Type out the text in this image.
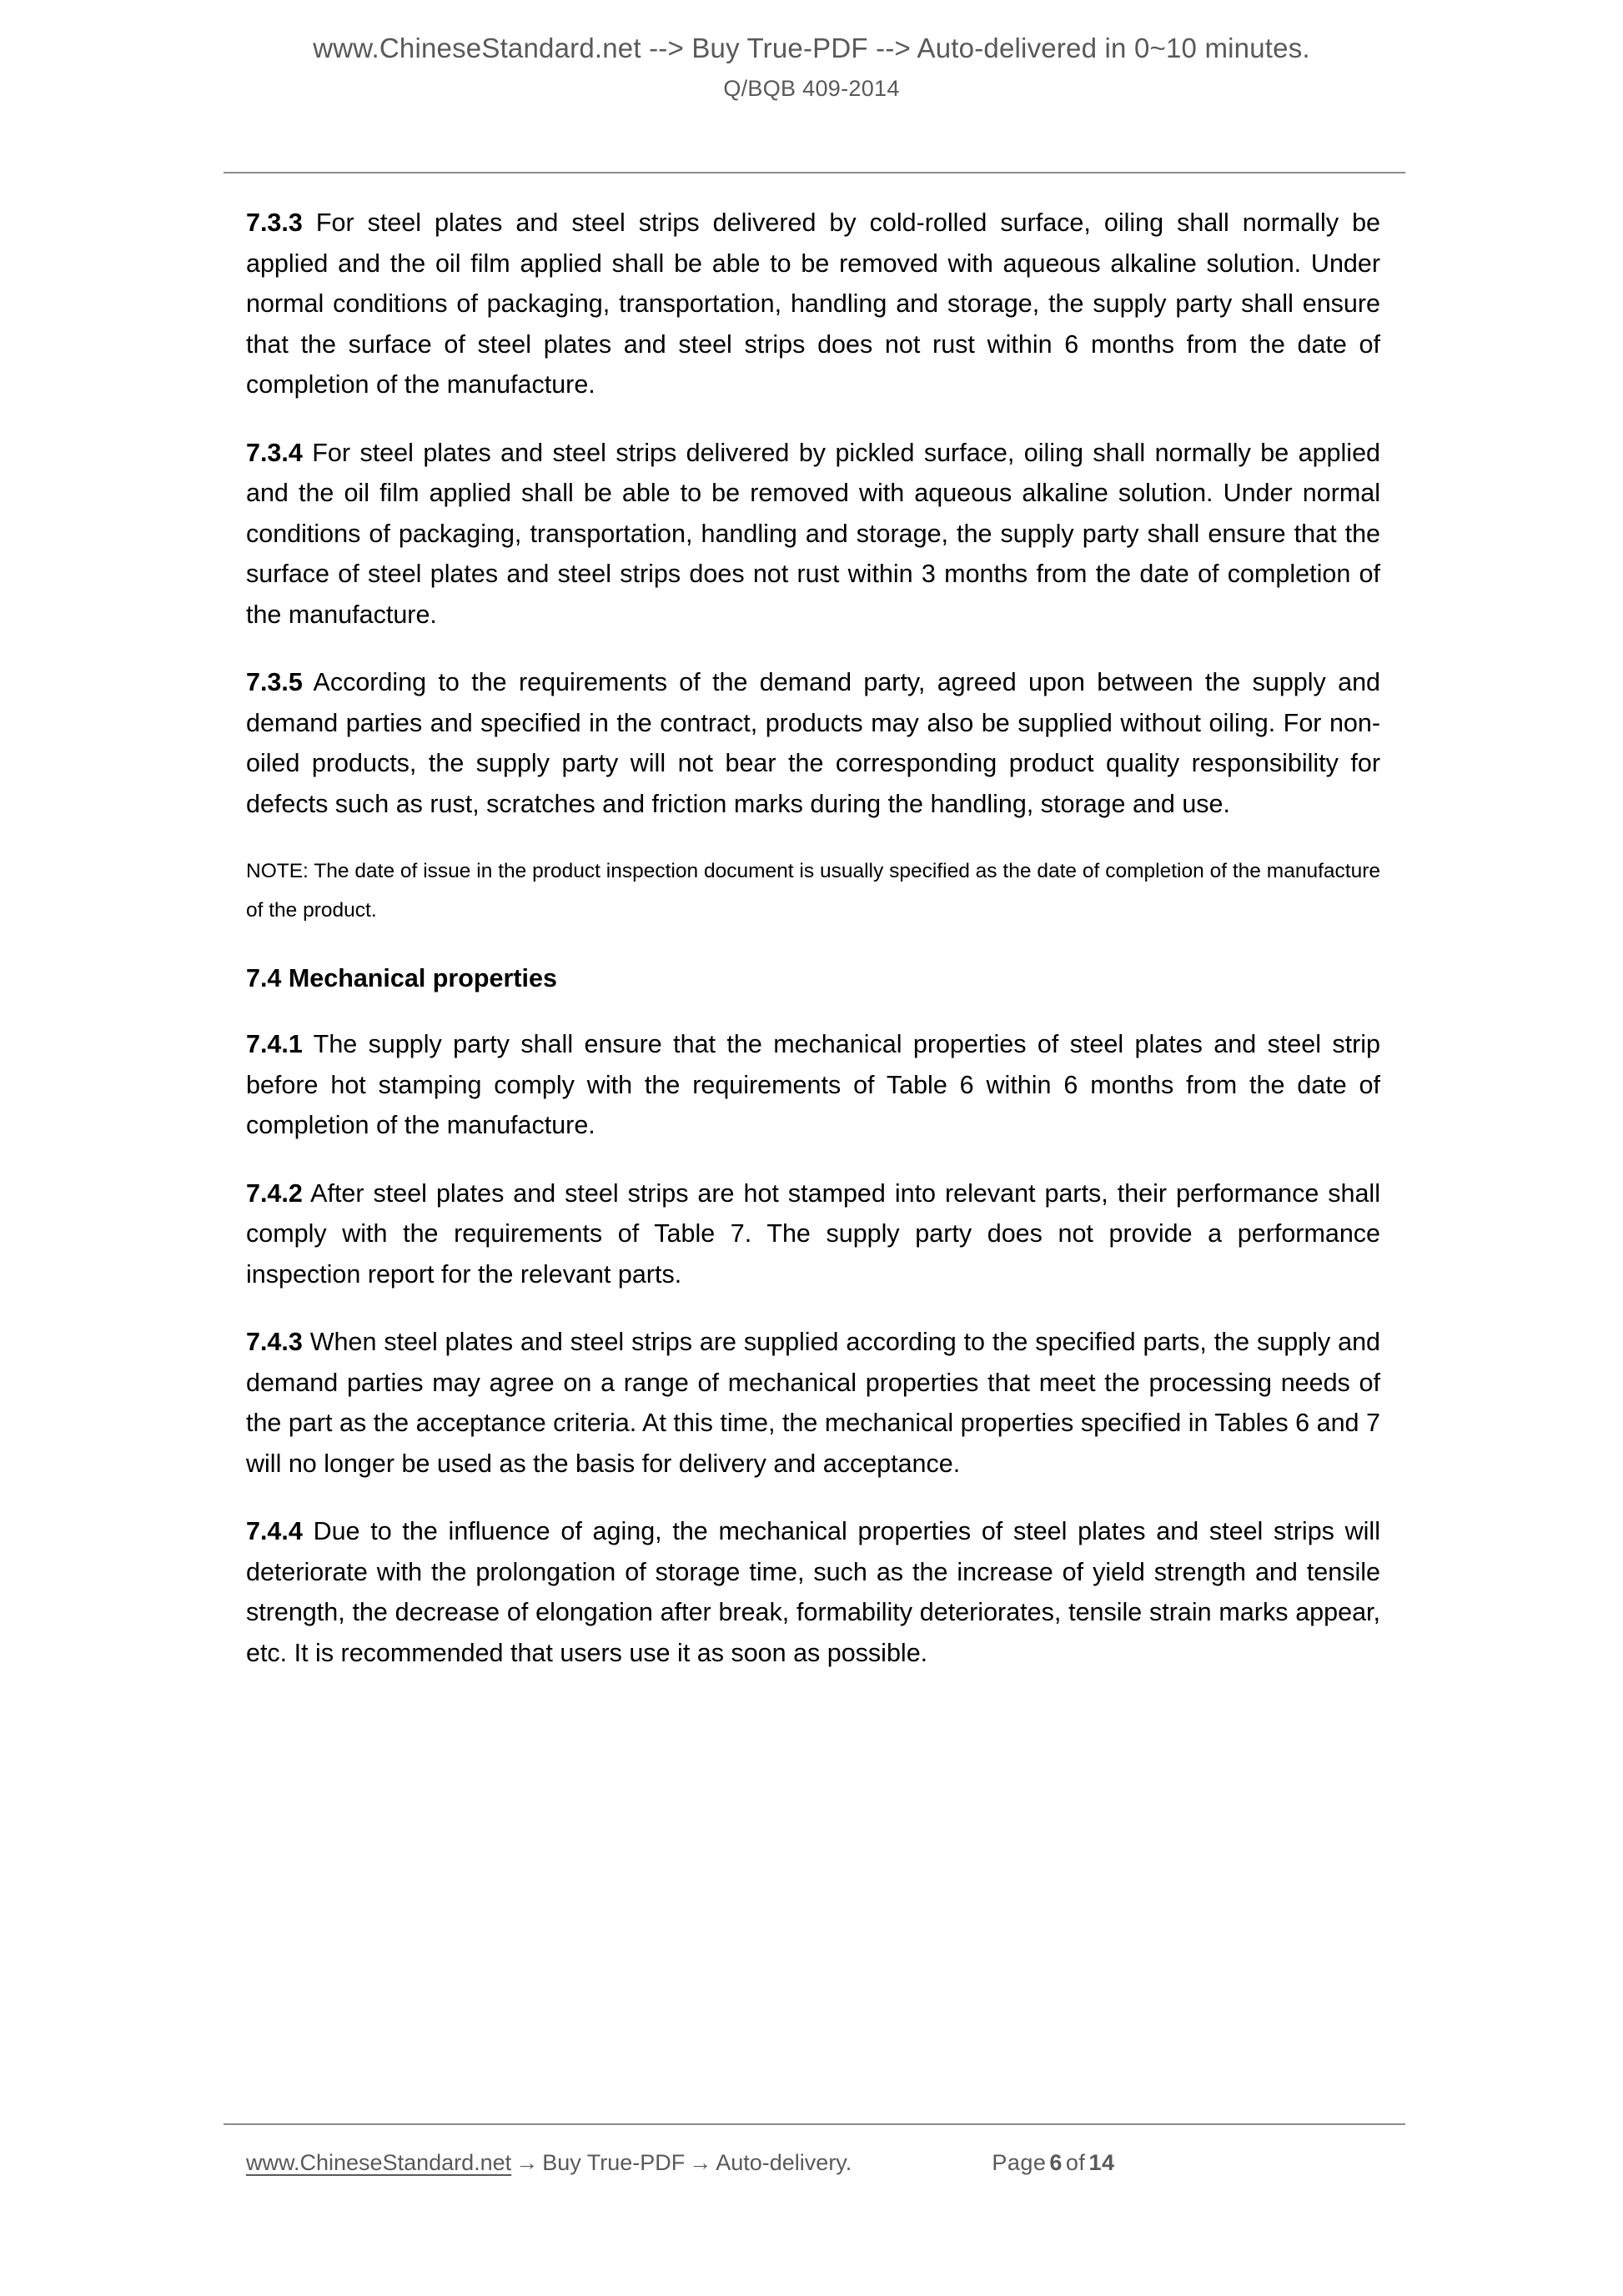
www.ChineseStandard.net --> Buy True-PDF --> Auto-delivered in 0~10 minutes.
Q/BQB 409-2014

7.3.3 For steel plates and steel strips delivered by cold-rolled surface, oiling shall normally be applied and the oil film applied shall be able to be removed with aqueous alkaline solution. Under normal conditions of packaging, transportation, handling and storage, the supply party shall ensure that the surface of steel plates and steel strips does not rust within 6 months from the date of completion of the manufacture.

7.3.4 For steel plates and steel strips delivered by pickled surface, oiling shall normally be applied and the oil film applied shall be able to be removed with aqueous alkaline solution. Under normal conditions of packaging, transportation, handling and storage, the supply party shall ensure that the surface of steel plates and steel strips does not rust within 3 months from the date of completion of the manufacture.

7.3.5 According to the requirements of the demand party, agreed upon between the supply and demand parties and specified in the contract, products may also be supplied without oiling. For non-oiled products, the supply party will not bear the corresponding product quality responsibility for defects such as rust, scratches and friction marks during the handling, storage and use.

NOTE: The date of issue in the product inspection document is usually specified as the date of completion of the manufacture of the product.

7.4 Mechanical properties

7.4.1 The supply party shall ensure that the mechanical properties of steel plates and steel strip before hot stamping comply with the requirements of Table 6 within 6 months from the date of completion of the manufacture.

7.4.2 After steel plates and steel strips are hot stamped into relevant parts, their performance shall comply with the requirements of Table 7. The supply party does not provide a performance inspection report for the relevant parts.

7.4.3 When steel plates and steel strips are supplied according to the specified parts, the supply and demand parties may agree on a range of mechanical properties that meet the processing needs of the part as the acceptance criteria. At this time, the mechanical properties specified in Tables 6 and 7 will no longer be used as the basis for delivery and acceptance.

7.4.4 Due to the influence of aging, the mechanical properties of steel plates and steel strips will deteriorate with the prolongation of storage time, such as the increase of yield strength and tensile strength, the decrease of elongation after break, formability deteriorates, tensile strain marks appear, etc. It is recommended that users use it as soon as possible.

www.ChineseStandard.net → Buy True-PDF → Auto-delivery.	Page 6 of 14
